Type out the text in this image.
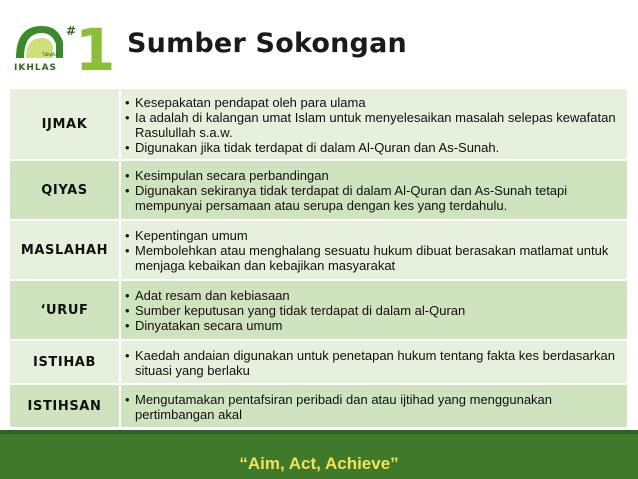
#
1
Takaful
IKHLAS
Sumber Sokongan
IJMAK
• Kesepakatan pendapat oleh para ulama
• Ia adalah di kalangan umat Islam untuk menyelesaikan masalah selepas kewafatan Rasulullah s.a.w.
• Digunakan jika tidak terdapat di dalam Al-Quran dan As-Sunah.
QIYAS
• Kesimpulan secara perbandingan
• Digunakan sekiranya tidak terdapat di dalam Al-Quran dan As-Sunah tetapi mempunyai persamaan atau serupa dengan kes yang terdahulu.
MASLAHAH
• Kepentingan umum
• Membolehkan atau menghalang sesuatu hukum dibuat berasakan matlamat untuk menjaga kebaikan dan kebajikan masyarakat
‘URUF
• Adat resam dan kebiasaan
• Sumber keputusan yang tidak terdapat di dalam al-Quran
• Dinyatakan secara umum
ISTIHAB	• Kaedah andaian digunakan untuk penetapan hukum tentang fakta kes berdasarkan situasi yang berlaku
ISTIHSAN	• Mengutamakan pentafsiran peribadi dan atau ijtihad yang menggunakan pertimbangan akal
“Aim, Act, Achieve”
